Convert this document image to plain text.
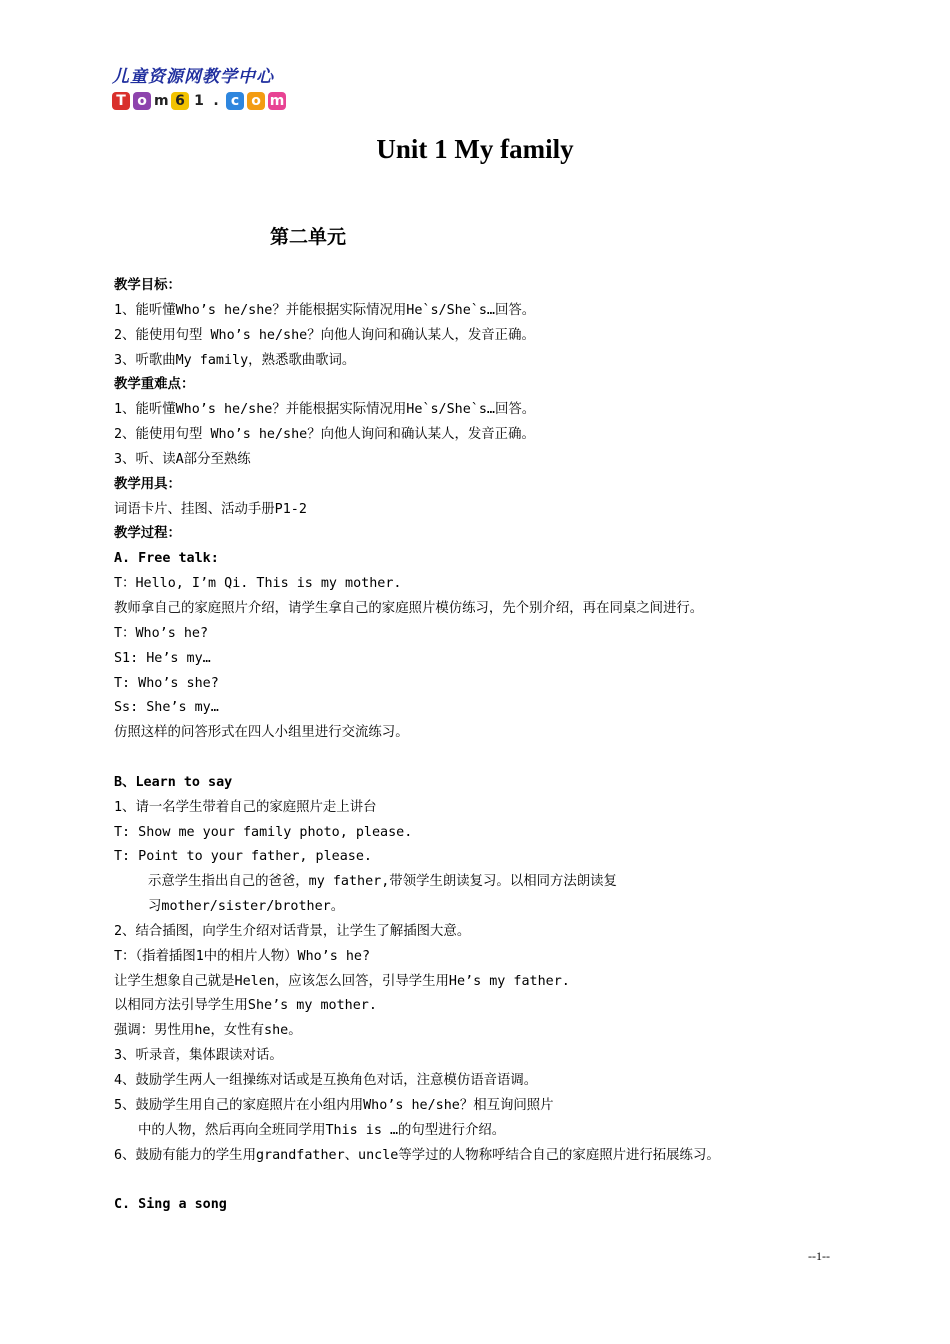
儿童资源网教学中心
T o m 6 1 . c o m
Unit 1 My family
第二单元
教学目标：
1、能听懂Who’s he/she？并能根据实际情况用He`s/She`s…回答。
2、能使用句型 Who’s he/she？向他人询问和确认某人，发音正确。
3、听歌曲My family，熟悉歌曲歌词。
教学重难点：
1、能听懂Who’s he/she？并能根据实际情况用He`s/She`s…回答。
2、能使用句型 Who’s he/she？向他人询问和确认某人，发音正确。
3、听、读A部分至熟练
教学用具：
词语卡片、挂图、活动手册P1-2
教学过程：
A. Free talk:
T：Hello, I’m Qi. This is my mother.
教师拿自己的家庭照片介绍，请学生拿自己的家庭照片模仿练习，先个别介绍，再在同桌之间进行。
T：Who’s he?
S1: He’s my…
T: Who’s she?
Ss: She’s my…
仿照这样的问答形式在四人小组里进行交流练习。
B、Learn to say
1、请一名学生带着自己的家庭照片走上讲台
T: Show me your family photo, please.
T: Point to your father, please.
示意学生指出自己的爸爸，my father,带领学生朗读复习。以相同方法朗读复
习mother/sister/brother。
2、结合插图，向学生介绍对话背景，让学生了解插图大意。
T：（指着插图1中的相片人物）Who’s he?
让学生想象自己就是Helen，应该怎么回答，引导学生用He’s my father.
以相同方法引导学生用She’s my mother.
强调：男性用he，女性有she。
3、听录音，集体跟读对话。
4、鼓励学生两人一组操练对话或是互换角色对话，注意模仿语音语调。
5、鼓励学生用自己的家庭照片在小组内用Who’s he/she？相互询问照片
中的人物，然后再向全班同学用This is …的句型进行介绍。
6、鼓励有能力的学生用grandfather、uncle等学过的人物称呼结合自己的家庭照片进行拓展练习。
C. Sing a song
--1--
